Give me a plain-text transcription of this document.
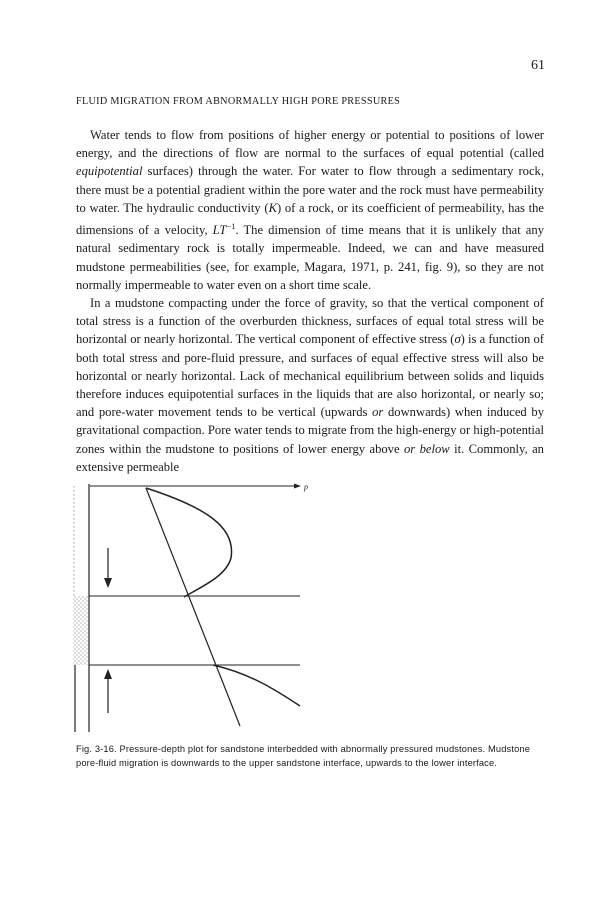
61
FLUID MIGRATION FROM ABNORMALLY HIGH PORE PRESSURES

Water tends to flow from positions of higher energy or potential to positions of lower energy, and the directions of flow are normal to the surfaces of equal potential (called equipotential surfaces) through the water. For water to flow through a sedimentary rock, there must be a potential gradient within the pore water and the rock must have permeability to water. The hydraulic conductivity (K) of a rock, or its coefficient of permeability, has the dimensions of a velocity, $LT^{-1}$. The dimension of time means that it is unlikely that any natural sedimentary rock is totally impermeable. Indeed, we can and have measured mudstone permeabilities (see, for example, Magara, 1971, p. 241, fig. 9), so they are not normally impermeable to water even on a short time scale.

In a mudstone compacting under the force of gravity, so that the vertical component of total stress is a function of the overburden thickness, surfaces of equal total stress will be horizontal or nearly horizontal. The vertical component of effective stress (σ) is a function of both total stress and pore-fluid pressure, and surfaces of equal effective stress will also be horizontal or nearly horizontal. Lack of mechanical equilibrium between solids and liquids therefore induces equipotential surfaces in the liquids that are also horizontal, or nearly so; and pore-water movement tends to be vertical (upwards or downwards) when induced by gravitational compaction. Pore water tends to migrate from the high-energy or high-potential zones within the mudstone to positions of lower energy above or below it. Commonly, an extensive permeable

p
Fig. 3-16. Pressure-depth plot for sandstone interbedded with abnormally pressured mudstones. Mudstone pore-fluid migration is downwards to the upper sandstone interface, upwards to the lower interface.
